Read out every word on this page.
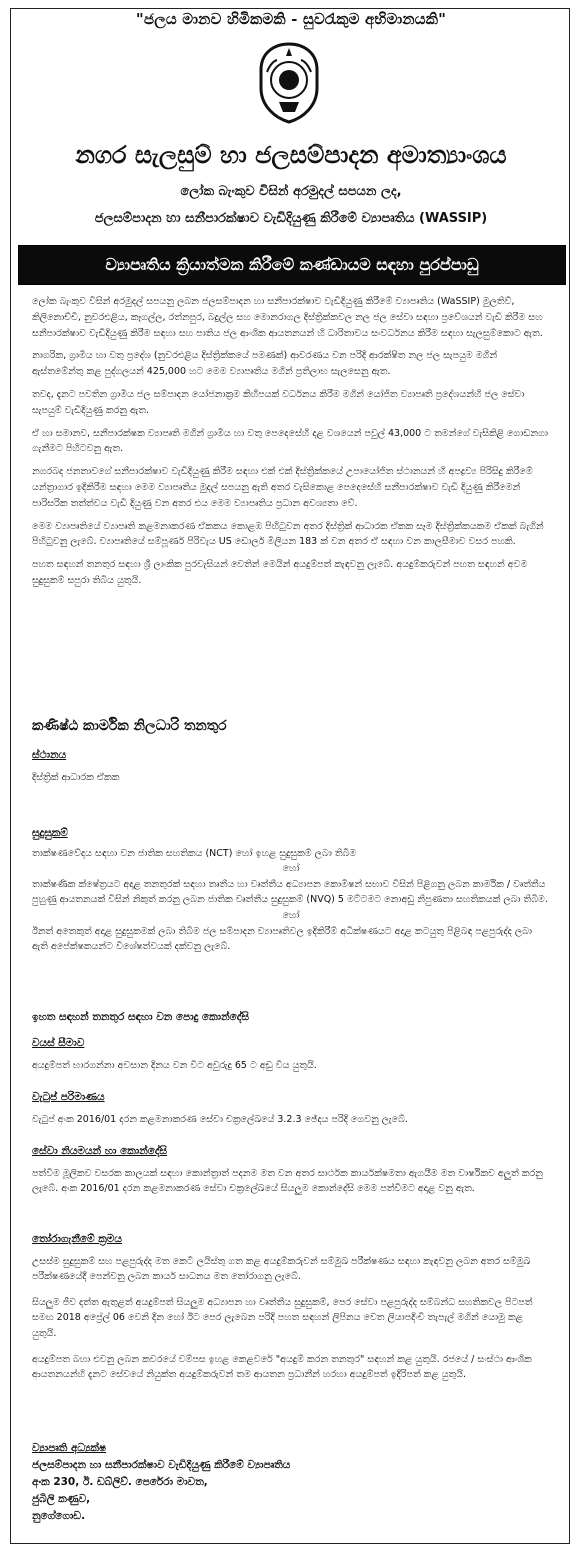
"ජලය මානව හිමිකමකි - සුවරැකුම අභිමානයකි"
නගර සැලසුම් හා ජලසම්පාදන අමාත්‍යාංශය
ලෝක බැංකුව විසින් අරමුදල් සපයන ලද,
ජලසම්පාදන හා සනීපාරක්ෂාව වැඩිදියුණු කිරීමේ ව්‍යාපෘතිය (WASSIP)
ව්‍යාපෘතිය ක්‍රියාත්මක කිරීමේ කණ්ඩායම සඳහා පුරප්පාඩු

ලෝක බැංකුව විසින් අරමුදල් සපයනු ලබන ජලසම්පාදන හා සනීපාරක්ෂාව වැඩිදියුණු කිරීමේ ව්‍යාපෘතිය (WaSSIP) මුලතිව්, කිලිනොච්චි, නුවරඑළිය, කෑගල්ල, රත්නපුර, බදුල්ල සහ මොනරාගල දිස්ත්‍රික්කවල නල ජල සේවා සඳහා ප්‍රවේශයන් වැඩි කිරීම සහ සනීපාරක්ෂාව වැඩිදියුණු කිරීම සඳහා සහ පාතිය ජල ආංශික ආයතනයන් හි ධාරිතාවය සංවර්ධනය කිරීම සඳහා සැලසුම්කොට ඇත.

නාගරික, ග්‍රාමීය හා වතු ප්‍රදේශ (නුවරඑළිය දිස්ත්‍රික්කයේ පමණක්) ආවරණය වන පරිදි ආරක්ෂිත නල ජල සැපයුම මගින් ඇස්තමේන්තු කළ පුද්ගලයන් 425,000 හට මෙම ව්‍යාපෘතිය මගින් ප්‍රතිලාභ සැලසෙනු ඇත.

තවද, දැනට පවතින ග්‍රාමීය ජල සම්පාදන යෝජනාක්‍රම කිහිපයක් වර්ධනය කිරීම මගින් යෝජිත ව්‍යාපෘති ප්‍රදේශයන්හි ජල සේවා සැපයුම් වැඩිදියුණු කරනු ඇත.

ඒ හා සමානව, සනීපාරක්ෂක ව්‍යාපෘති මගින් ග්‍රාමීය හා වතු පෙදෙසේහි දළ වශයෙන් පවුල් 43,000 ට තමන්ගේ වැසිකිළි ගොඩනගා ගැනීමට පිහිටවනු ඇත.

නගරබද ජනතාවගේ සනීපාරක්ෂාව වැඩිදියුණු කිරීම සඳහා එක් එක් දිස්ත්‍රික්කයේ උපායෝජිත ස්ථානයන් හි අපද්‍රව්‍ය පිරිසිදු කිරීමේ යන්ත්‍රාගාර ඉදිකිරීම සඳහා මෙම ව්‍යාපෘතිය මුදල් සපයනු ඇති අතර වැසිකොළ පෙදෙසේහි සනීපාරක්ෂාව වැඩි දියුණු කිරීමෙන් පාරිසරික තත්ත්වය වැඩි දියුණු වන අතර එය මෙම ව්‍යාපෘතිය ප්‍රධාන අවශ්‍යතා වේ.

මෙම ව්‍යාපෘතියේ ව්‍යාපෘති කළමනාකරණ ඒකකය කොළඹ පිහිටුවන අතර දිස්ත්‍රික් ආධාරක ඒකක සෑම දිස්ත්‍රික්කයකම ඒකක් බැගින් පිහිටුවනු ලැබේ. ව්‍යාපෘතියේ සම්පූර්ණ පිරිවැය US ඩොලර් මිලියන 183 ක් වන අතර ඒ සඳහා වන කාලසීමාව වසර පහකි.

පහත සඳහන් තනතුර සඳහා ශ්‍රී ලාංකික පුරවැසියන් වෙතින් මෙයින් අයදුම්පත් කැඳවනු ලැබේ. අයදුම්කරුවන් පහත සඳහන් අවම සුදුසුකම් සපුරා තිබිය යුතුයි.

කණිෂ්ඨ කාර්මික නිලධාරි තනතුර
ස්ථානය
දිස්ත්‍රික් ආධාරක ඒකක
සුදුසුකම්
තාක්ෂණවේදය සඳහා වන ජාතික සහතිකය (NCT) හෝ ඉහළ සුදුසුකම් ලබා තිබීම

හෝ

තාක්ෂණික ක්ෂේත්‍රයට අදාළ තනතුරක් සඳහා තෘතීය හා වෘත්තීය අධ්‍යාපන කොමිෂන් සභාව විසින් පිළිගනු ලබන කාර්මික / වෘත්තීය පුහුණු ආයතනයක් විසින් නිකුත් කරනු ලබන ජාතික වෘත්තීය සුදුසුකම් (NVQ) 5 මට්ටමට නොඅඩු නිපුණතා සහතිකයක් ලබා තිබීම.

හෝ

ඊනත් අතෙකුත් අදාළ සුදුසුකමක් ලබා තිබීම ජල සම්පාදන ව්‍යාපෘතිවල ඉදිකිරීම් අධීක්ෂණයට අදාළ කටයුතු පිළිබඳ පළපුරුද්ද ලබා ඇති අපේක්ෂකයන්ට විශේෂත්වයක් දක්වනු ලැබේ.
ඉහත සඳහන් තනතුර සඳහා වන පොදු කොන්දේසි
වයස් සීමාව
අයදුම්පත් භාරගන්නා අවසාන දිනය වන විට අවුරුදු 65 ට අඩු විය යුතුයි.
වැටුප් පරිමාණය
වැටුප් අංක 2016/01 දරන කළමනාකරණ සේවා චක්‍රලේඛයේ 3.2.3 ඡේදය පරිදි ගෙවනු ලැබේ.
සේවා නියමයන් හා කොන්දේසි
පත්වීම මූලිකව වසරක කාලයක් සඳහා කොන්ත්‍රාත් පදනම මත වන අතර සාර්ථක කාර්යක්ෂමතා ඇගයීම මත වාර්ෂිකව අලුත් කරනු ලැබේ. අංක 2016/01 දරන කළමනාකරණ සේවා චක්‍රලේඛයේ සියලුම කොන්දේසි මෙම පත්වීමට අදාළ වනු ඇත.
තෝරාගැනීමේ ක්‍රමය
උසස්ම සුදුසුකම් සහ පළපුරුද්ද මත කෙටි ලයිස්තු ගත කළ අයදුම්කරුවන් සම්මුඛ පරීක්ෂණය සඳහා කැඳවනු ලබන අතර සම්මුඛ පරීක්ෂණයේදී පෙන්වනු ලබන කාර්ය සාධනය මත තෝරාගනු ලැබේ.
සියලුම ජීව දත්ත ඇතුළත් අයදුම්පත් සියලුම අධ්‍යාපන හා වෘත්තීය සුදුසුකම්, පෙර සේවා පළපුරුද්ද සම්බන්ධ සහතිකවල පිටපත් සමඟ 2018 අප්‍රේල් 06 වෙනි දින හෝ ඊට පෙර ලැබෙන පරිදි පහත සඳහන් ලිපිනය වෙත ලියාපදිංචි තැපැල් මගින් යොමු කළ යුතුයි.
අයදුම්පත බහා එවනු ලබන කවරයේ වම්පස ඉහළ කෙළවරේ "අයදුම් කරන තනතුර" සඳහන් කළ යුතුයි. රජයේ / සංස්ථා ආංශික ආයතනයන්හි දැනට සේවයේ නියුක්ත අයදුම්කරුවන් තම ආයතන ප්‍රධානීන් හරහා අයදුම්පත් ඉදිරිපත් කළ යුතුයි.
ව්‍යාපෘති අධ්‍යක්ෂ
ජලසම්පාදන හා සනීපාරක්ෂාව වැඩිදියුණු කිරීමේ ව්‍යාපෘතිය
අංක 230, ඊ. ඩබ්ලිව්. පෙරේරා මාවත,
ජුබිලි කණුව,
නුගේගොඩ.
